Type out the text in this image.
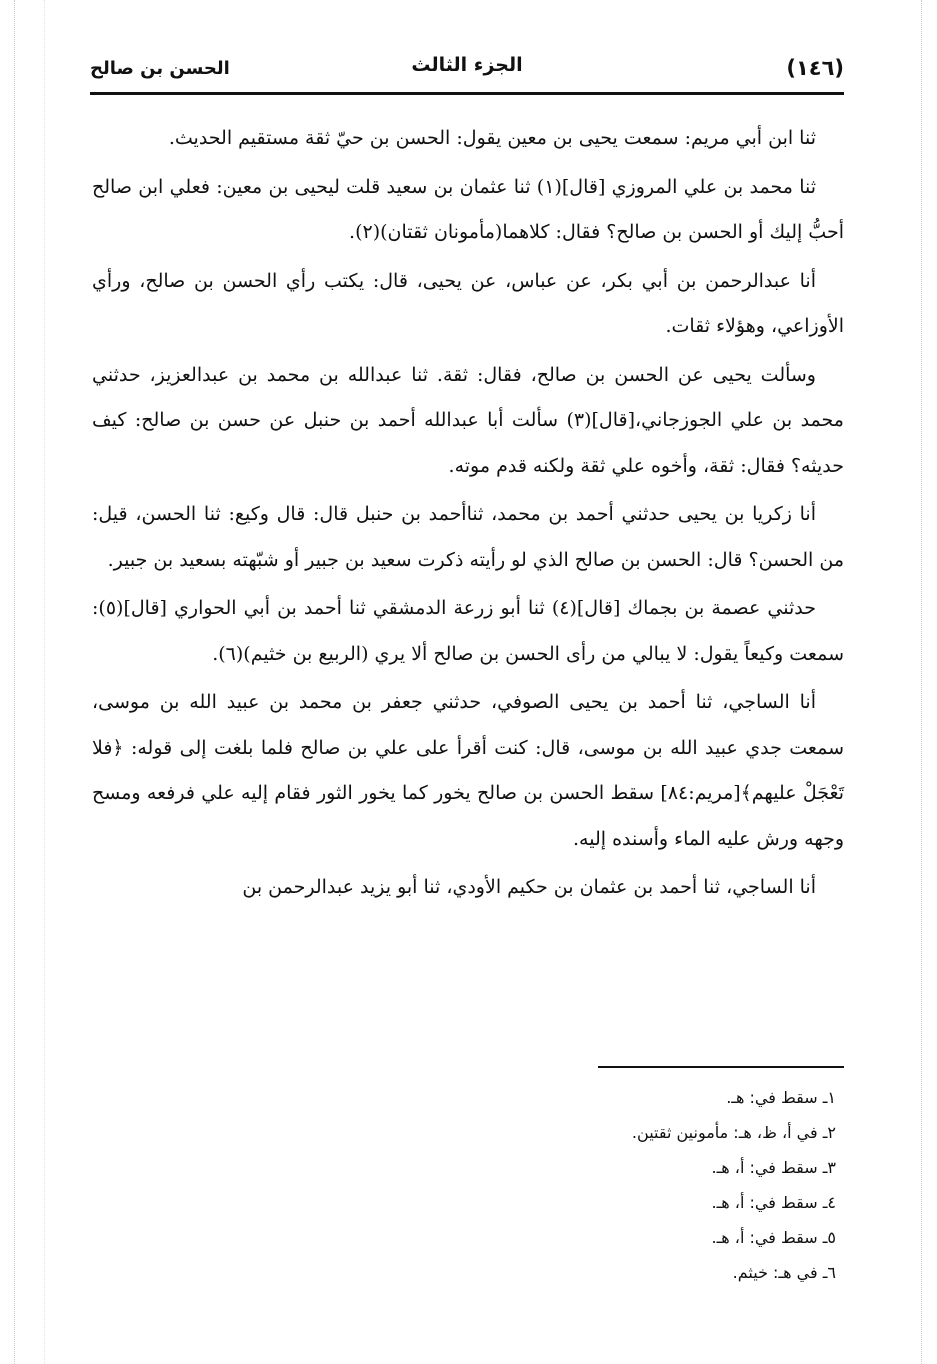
(١٤٦)
الجزء الثالث
الحسن بن صالح

ثنا ابن أبي مريم: سمعت يحيى بن معين يقول: الحسن بن حيّ ثقة مستقيم الحديث.

ثنا محمد بن علي المروزي [قال](١) ثنا عثمان بن سعيد قلت ليحيى بن معين: فعلي ابن صالح أحبُّ إليك أو الحسن بن صالح؟ فقال: كلاهما(مأمونان ثقتان)(٢).

أنا عبدالرحمن بن أبي بكر، عن عباس، عن يحيى، قال: يكتب رأي الحسن بن صالح، ورأي الأوزاعي، وهؤلاء ثقات.

وسألت يحيى عن الحسن بن صالح، فقال: ثقة. ثنا عبدالله بن محمد بن عبدالعزيز، حدثني محمد بن علي الجوزجاني،[قال](٣) سألت أبا عبدالله أحمد بن حنبل عن حسن بن صالح: كيف حديثه؟ فقال: ثقة، وأخوه علي ثقة ولكنه قدم موته.

أنا زكريا بن يحيى حدثني أحمد بن محمد، ثناأحمد بن حنبل قال: قال وكيع: ثنا الحسن، قيل: من الحسن؟ قال: الحسن بن صالح الذي لو رأيته ذكرت سعيد بن جبير أو شبّهته بسعيد بن جبير.

حدثني عصمة بن بجماك [قال](٤) ثنا أبو زرعة الدمشقي ثنا أحمد بن أبي الحواري [قال](٥): سمعت وكيعاً يقول: لا يبالي من رأى الحسن بن صالح ألا يري (الربيع بن خثيم)(٦).

أنا الساجي، ثنا أحمد بن يحيى الصوفي، حدثني جعفر بن محمد بن عبيد الله بن موسى، سمعت جدي عبيد الله بن موسى، قال: كنت أقرأ على علي بن صالح فلما بلغت إلى قوله: ﴿فلا تَعْجَلْ عليهم﴾[مريم:٨٤] سقط الحسن بن صالح يخور كما يخور الثور فقام إليه علي فرفعه ومسح وجهه ورش عليه الماء وأسنده إليه.

أنا الساجي، ثنا أحمد بن عثمان بن حكيم الأودي، ثنا أبو يزيد عبدالرحمن بن

١ـ سقط في: هـ.

٢ـ في أ، ظ، هـ: مأمونين ثقتين.

٣ـ سقط في: أ، هـ.

٤ـ سقط في: أ، هـ.

٥ـ سقط في: أ، هـ.

٦ـ في هـ: خيثم.
